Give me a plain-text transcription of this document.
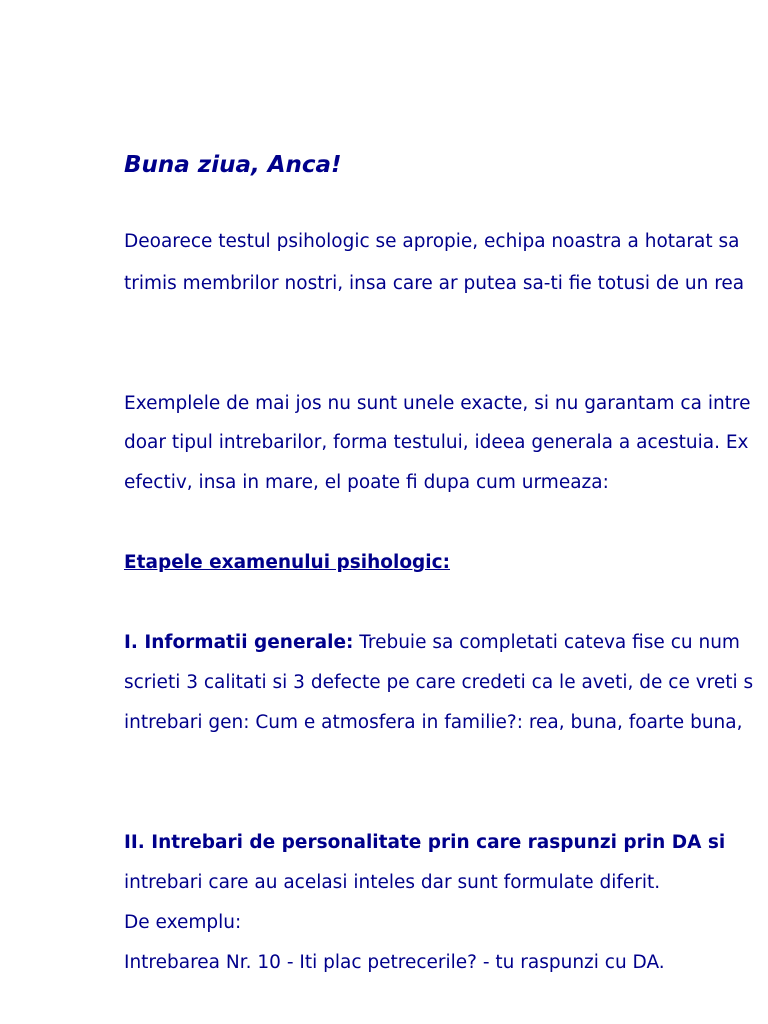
Buna ziua, Anca!
Deoarece testul psihologic se apropie, echipa noastra a hotarat sa
trimis membrilor nostri, insa care ar putea sa-ti fie totusi de un rea
Exemplele de mai jos nu sunt unele exacte, si nu garantam ca intre
doar tipul intrebarilor, forma testului, ideea generala a acestuia. Ex
efectiv, insa in mare, el poate fi dupa cum urmeaza:
Etapele examenului psihologic:
I. Informatii generale: Trebuie sa completati cateva fise cu num
scrieti 3 calitati si 3 defecte pe care credeti ca le aveti, de ce vreti s
intrebari gen: Cum e atmosfera in familie?: rea, buna, foarte buna,
II. Intrebari de personalitate prin care raspunzi prin DA si
intrebari care au acelasi inteles dar sunt formulate diferit.
De exemplu:
Intrebarea Nr. 10 - Iti plac petrecerile? - tu raspunzi cu DA.
